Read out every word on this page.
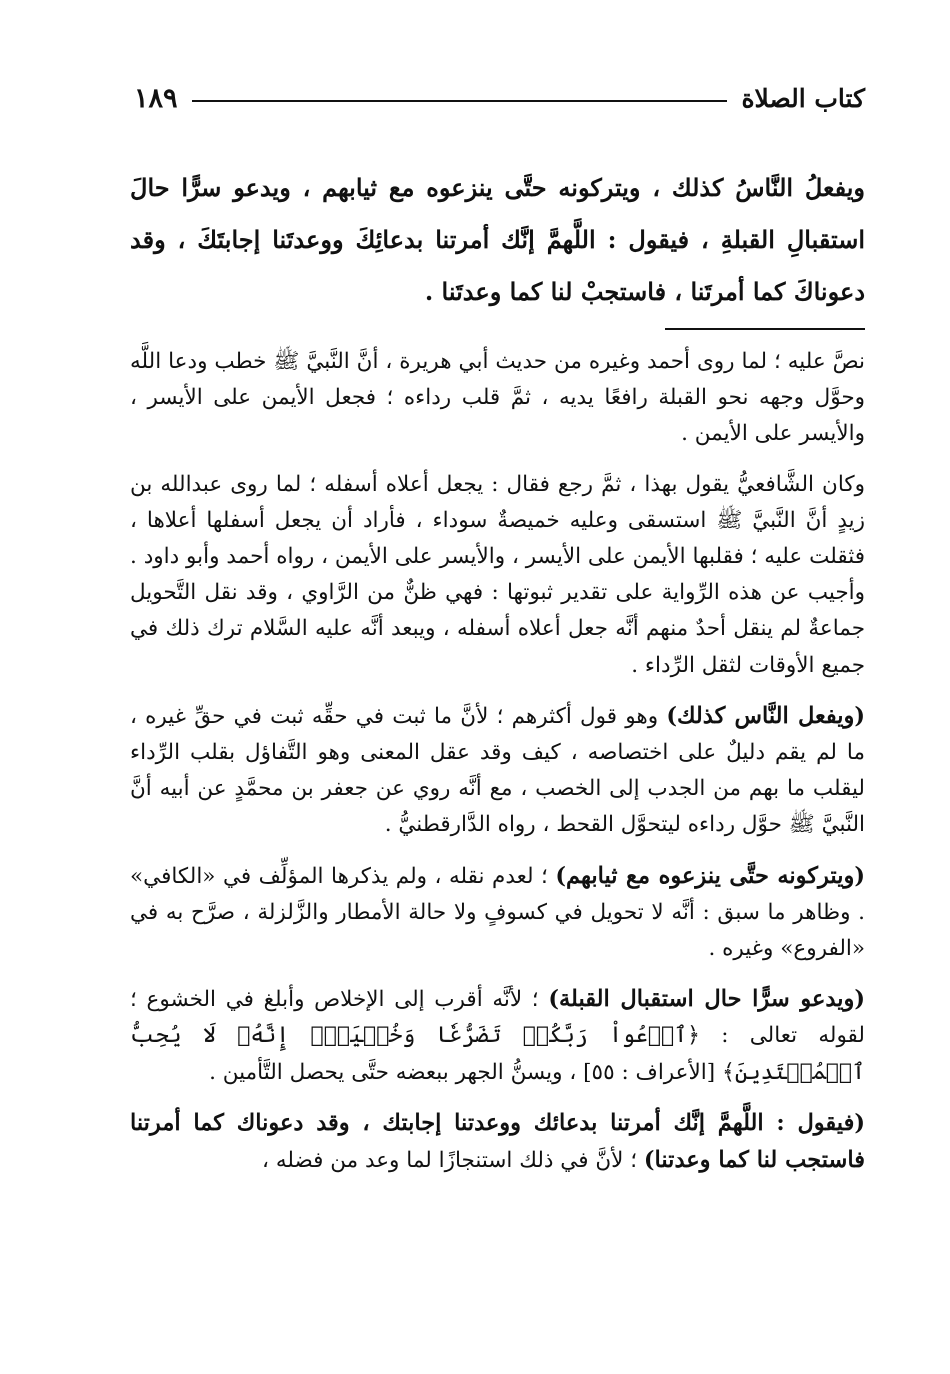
كتاب الصلاة
١٨٩

ويفعلُ النَّاسُ كذلك ، ويتركونه حتَّى ينزعوه مع ثيابهم ، ويدعو سرًّا حالَ استقبالِ القبلةِ ، فيقول : اللَّهمَّ إنَّك أمرتنا بدعائِكَ ووعدتَنا إجابتَكَ ، وقد دعوناكَ كما أمرتَنا ، فاستجبْ لنا كما وعدتَنا .

نصَّ عليه ؛ لما روى أحمد وغيره من حديث أبي هريرة ، أنَّ النَّبيَّ ﷺ خطب ودعا اللَّه وحوَّل وجهه نحو القبلة رافعًا يديه ، ثمَّ قلب رداءه ؛ فجعل الأيمن على الأيسر ، والأيسر على الأيمن .

وكان الشَّافعيُّ يقول بهذا ، ثمَّ رجع فقال : يجعل أعلاه أسفله ؛ لما روى عبدالله بن زيدٍ أنَّ النَّبيَّ ﷺ استسقى وعليه خميصةٌ سوداء ، فأراد أن يجعل أسفلها أعلاها ، فثقلت عليه ؛ فقلبها الأيمن على الأيسر ، والأيسر على الأيمن ، رواه أحمد وأبو داود . وأجيب عن هذه الرِّواية على تقدير ثبوتها : فهي ظنٌّ من الرَّاوي ، وقد نقل التَّحويل جماعةٌ لم ينقل أحدٌ منهم أنَّه جعل أعلاه أسفله ، ويبعد أنَّه عليه السَّلام ترك ذلك في جميع الأوقات لثقل الرِّداء .

(ويفعل النَّاس كذلك) وهو قول أكثرهم ؛ لأنَّ ما ثبت في حقِّه ثبت في حقِّ غيره ، ما لم يقم دليلٌ على اختصاصه ، كيف وقد عقل المعنى وهو التَّفاؤل بقلب الرِّداء ليقلب ما بهم من الجدب إلى الخصب ، مع أنَّه روي عن جعفر بن محمَّدٍ عن أبيه أنَّ النَّبيَّ ﷺ حوَّل رداءه ليتحوَّل القحط ، رواه الدَّارقطنيُّ .

(ويتركونه حتَّى ينزعوه مع ثيابهم) ؛ لعدم نقله ، ولم يذكرها المؤلِّف في «الكافي» . وظاهر ما سبق : أنَّه لا تحويل في كسوفٍ ولا حالة الأمطار والزَّلزلة ، صرَّح به في «الفروع» وغيره .

(ويدعو سرًّا حال استقبال القبلة) ؛ لأنَّه أقرب إلى الإخلاص وأبلغ في الخشوع ؛ لقوله تعالى : ﴿ٱدۡعُواْ رَبَّكُمۡ تَضَرُّعٗا وَخُفۡيَةًۚ إِنَّهُۥ لَا يُحِبُّ ٱلۡمُعۡتَدِينَ﴾ [الأعراف : ٥٥] ، ويسنُّ الجهر ببعضه حتَّى يحصل التَّأمين .

(فيقول : اللَّهمَّ إنَّك أمرتنا بدعائك ووعدتنا إجابتك ، وقد دعوناك كما أمرتنا فاستجب لنا كما وعدتنا) ؛ لأنَّ في ذلك استنجازًا لما وعد من فضله ،
